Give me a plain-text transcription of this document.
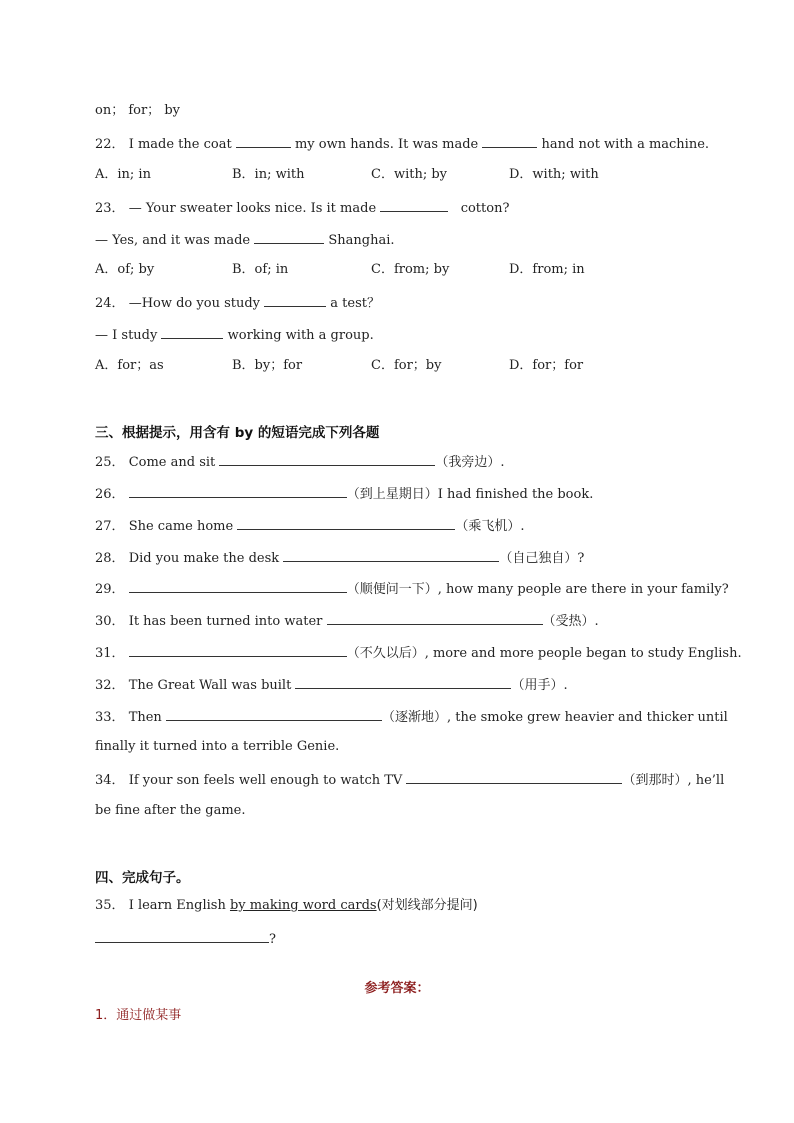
on； for； by
22． I made the coat	my own hands. It was made	hand not with a machine.
A．in; in	B．in; with	C．with; by	D．with; with
23． — Your sweater looks nice. Is it made	cotton?
— Yes, and it was made	Shanghai.
A．of; by	B．of; in	C．from; by	D．from; in
24． —How do you study	a test？
— I study	working with a group.
A．for；as	B．by；for	C．for；by	D．for；for
三、根据提示，用含有 by 的短语完成下列各题
25． Come and sit	（我旁边）.
26．	（到上星期日）I had finished the book.
27． She came home	（乘飞机）.
28． Did you make the desk	（自己独自）?
29．	（顺便问一下）, how many people are there in your family?
30． It has been turned into water	（受热）.
31．	（不久以后）, more and more people began to study English.
32． The Great Wall was built	（用手）.
33． Then	（逐渐地）, the smoke grew heavier and thicker until
finally it turned into a terrible Genie.
34． If your son feels well enough to watch TV	（到那时）, he’ll
be fine after the game.
四、完成句子。
35． I learn English by making word cards(对划线部分提问)
?
参考答案：
1．通过做某事
